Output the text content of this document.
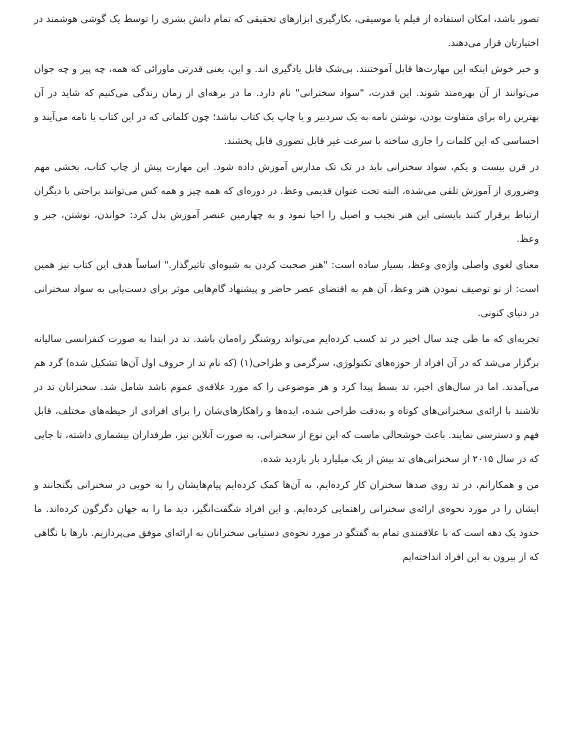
تصور باشد، امکان استفاده از فیلم یا موسیقی، بکارگیری ابزارهای تحقیقی که تمام دانش بشری را توسط یک گوشی هوشمند در اختیارتان قرار می‌دهند.

و خبر خوش اینکه این مهارت‌ها قابل آموختنند. بی‌شک قابل یادگیری اند. و این، یعنی قدرتی ماورائی که همه، چه پیر و چه جوان می‌توانند از آن بهره‌مند شوند. این قدرت، "سواد سخنرانی" نام دارد. ما در برهه‌ای از زمان زندگی می‌کنیم که شاید در آن بهترین راه برای متفاوت بودن، نوشتن نامه به یک سردبیر و یا چاپ یک کتاب نباشد؛ چون کلماتی که در این کتاب یا نامه می‌آیند و احساسی که این کلمات را جاری ساخته با سرعت غیر قابل تصوری قابل پخشند.

در قرن بیست و یکم، سواد سخنرانی باید در تک تک مدارس آموزش داده شود. این مهارت پیش از چاپ کتاب، بخشی مهم وضروری از آموزش تلقی می‌شده، البته تحت عنوان قدیمی وعظ. در دوره‌ای که همه چیز و همه کس می‌توانند براحتی با دیگران ارتباط برقرار کنند بایستی این هنر نجیب و اصیل را احیا نمود و به چهارمین عنصر آموزش بدل کرد: خواندن، نوشتن، جبر و وعظ.

معنای لغوی واصلی واژه‌ی وعظ، بسیار ساده است: "هنر صحبت کردن به شیوه‌ای تاثیرگذار." اساساً هدف این کتاب نیز همین است: از نو توصیف نمودن هنر وعظ، آن هم به اقتضای عصر حاضر و پیشنهاد گام‌هایی موثر برای دست‌یابی به سواد سخنرانی در دنیای کنونی.

تجربه‌ای که ما طی چند سال اخیر در تد کسب کرده‌ایم می‌تواند روشنگر راه‌مان باشد. تد در ابتدا به صورت کنفرانسی سالیانه برگزار می‌شد که در آن افراد از حوزه‌های تکنولوژی، سرگرمی و طراحی(۱) (که نام تد از حروف اول آن‌ها تشکیل شده) گرد هم می‌آمدند. اما در سال‌های اخیر، تد بسط پیدا کرد و هر موضوعی را که مورد علاقه‌ی عموم باشد شامل شد. سخنرانان تد در تلاشند با ارائه‌ی سخنرانی‌های کوتاه و به‌دقت طراحی شده، ایده‌ها و راهکارهای‌شان را برای افرادی از حیطه‌های مختلف، قابل فهم و دسترسی نمایند. باعث خوشحالی ماست که این نوع از سخنرانی، به صورت آنلاین نیز، طرفداران بیشماری داشته، تا جایی که در سال ۲۰۱۵ از سخنرانی‌های تد بیش از یک میلیارد بار بازدید شده.

من و همکارانم، در تد روی صدها سخنران کار کرده‌ایم، به آن‌ها کمک کرده‌ایم پیام‌هایشان را به خوبی در سخنرانی بگنجانند و ایشان را در مورد نحوه‌ی ارائه‌ی سخنرانی راهنمایی کرده‌ایم. و این افراد شگفت‌انگیز، دید ما را به جهان دگرگون کرده‌اند. ما حدود یک دهه است که با علاقمندی تمام به گفتگو در مورد نحوه‌ی دستیابی سخنرانان به ارائه‌ای موفق می‌پردازیم. بارها با نگاهی که از بیرون به این افراد انداخته‌ایم
